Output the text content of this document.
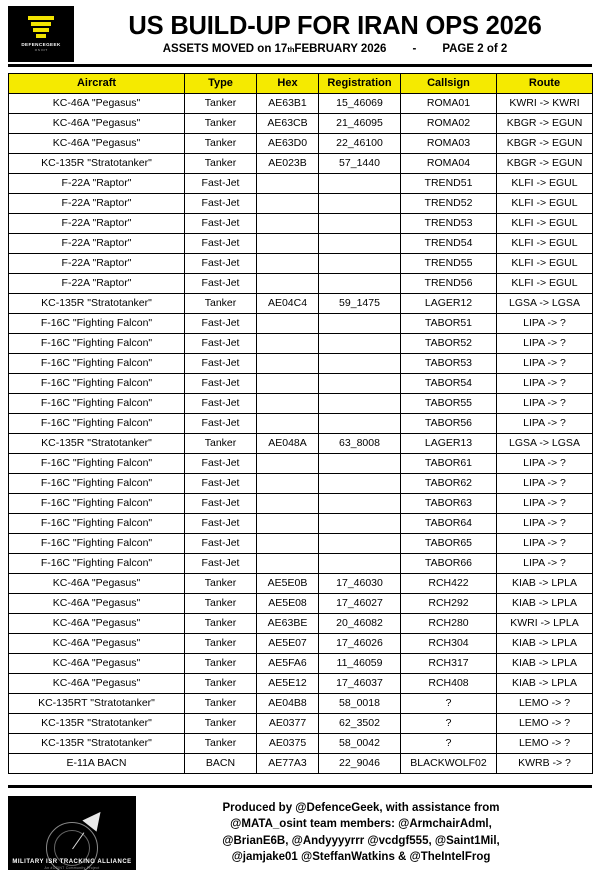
DEFENCEGEEK
O S I N T
US BUILD-UP FOR IRAN OPS 2026
ASSETS MOVED on 17 th FEBRUARY 2026	-	PAGE 2 of 2
Aircraft	Type	Hex	Registration	Callsign	Route
KC-46A "Pegasus"	Tanker	AE63B1	15_46069	ROMA01	KWRI -> KWRI
KC-46A "Pegasus"	Tanker	AE63CB	21_46095	ROMA02	KBGR -> EGUN
KC-46A "Pegasus"	Tanker	AE63D0	22_46100	ROMA03	KBGR -> EGUN
KC-135R "Stratotanker"	Tanker	AE023B	57_1440	ROMA04	KBGR -> EGUN
F-22A "Raptor"	Fast-Jet			TREND51	KLFI -> EGUL
F-22A "Raptor"	Fast-Jet			TREND52	KLFI -> EGUL
F-22A "Raptor"	Fast-Jet			TREND53	KLFI -> EGUL
F-22A "Raptor"	Fast-Jet			TREND54	KLFI -> EGUL
F-22A "Raptor"	Fast-Jet			TREND55	KLFI -> EGUL
F-22A "Raptor"	Fast-Jet			TREND56	KLFI -> EGUL
KC-135R "Stratotanker"	Tanker	AE04C4	59_1475	LAGER12	LGSA -> LGSA
F-16C "Fighting Falcon"	Fast-Jet			TABOR51	LIPA -> ?
F-16C "Fighting Falcon"	Fast-Jet			TABOR52	LIPA -> ?
F-16C "Fighting Falcon"	Fast-Jet			TABOR53	LIPA -> ?
F-16C "Fighting Falcon"	Fast-Jet			TABOR54	LIPA -> ?
F-16C "Fighting Falcon"	Fast-Jet			TABOR55	LIPA -> ?
F-16C "Fighting Falcon"	Fast-Jet			TABOR56	LIPA -> ?
KC-135R "Stratotanker"	Tanker	AE048A	63_8008	LAGER13	LGSA -> LGSA
F-16C "Fighting Falcon"	Fast-Jet			TABOR61	LIPA -> ?
F-16C "Fighting Falcon"	Fast-Jet			TABOR62	LIPA -> ?
F-16C "Fighting Falcon"	Fast-Jet			TABOR63	LIPA -> ?
F-16C "Fighting Falcon"	Fast-Jet			TABOR64	LIPA -> ?
F-16C "Fighting Falcon"	Fast-Jet			TABOR65	LIPA -> ?
F-16C "Fighting Falcon"	Fast-Jet			TABOR66	LIPA -> ?
KC-46A "Pegasus"	Tanker	AE5E0B	17_46030	RCH422	KIAB -> LPLA
KC-46A "Pegasus"	Tanker	AE5E08	17_46027	RCH292	KIAB -> LPLA
KC-46A "Pegasus"	Tanker	AE63BE	20_46082	RCH280	KWRI -> LPLA
KC-46A "Pegasus"	Tanker	AE5E07	17_46026	RCH304	KIAB -> LPLA
KC-46A "Pegasus"	Tanker	AE5FA6	11_46059	RCH317	KIAB -> LPLA
KC-46A "Pegasus"	Tanker	AE5E12	17_46037	RCH408	KIAB -> LPLA
KC-135RT "Stratotanker"	Tanker	AE04B8	58_0018	?	LEMO -> ?
KC-135R "Stratotanker"	Tanker	AE0377	62_3502	?	LEMO -> ?
KC-135R "Stratotanker"	Tanker	AE0375	58_0042	?	LEMO -> ?
E-11A BACN	BACN	AE77A3	22_9046	BLACKWOLF02	KWRB -> ?
MILITARY ISR TRACKING ALLIANCE
An #OSINT Community Project
Produced by @DefenceGeek, with assistance from
@MATA_osint team members: @ArmchairAdml,
@BrianE6B, @Andyyyyrrr @vcdgf555, @Saint1Mil,
@jamjake01 @SteffanWatkins & @TheIntelFrog
